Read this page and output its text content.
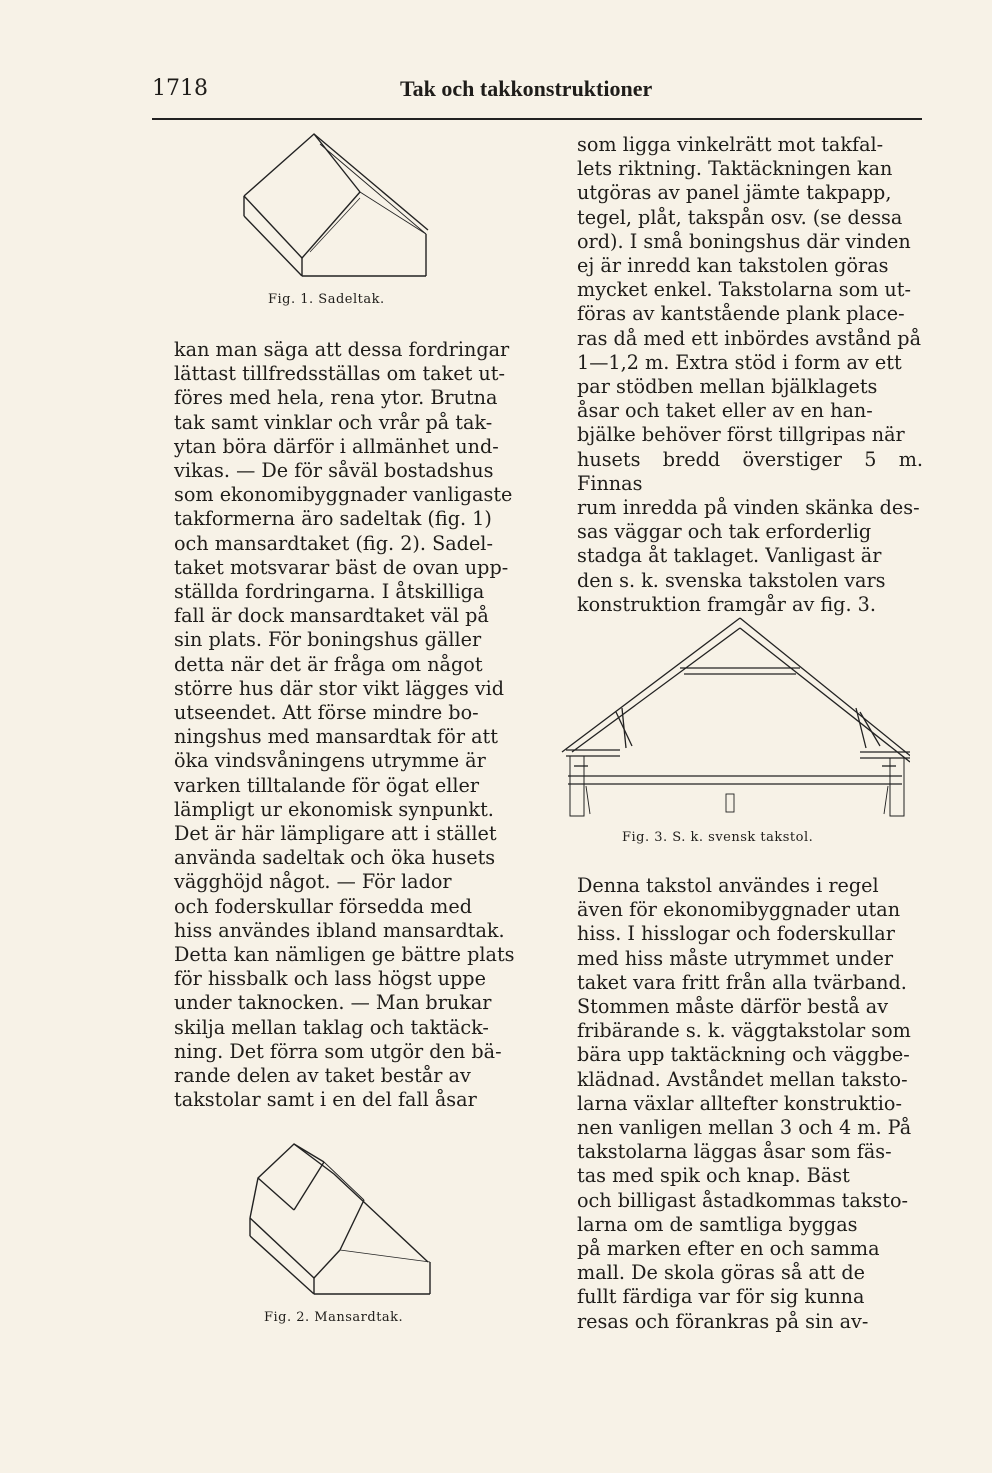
1718	Tak och takkonstruktioner
Fig. 1. Sadeltak.

kan man säga att dessa fordringar

lättast tillfredsställas om taket ut-

föres med hela, rena ytor. Brutna

tak samt vinklar och vrår på tak-

ytan böra därför i allmänhet und-

vikas. — De för såväl bostadshus

som ekonomibyggnader vanligaste

takformerna äro sadeltak (fig. 1)

och mansardtaket (fig. 2). Sadel-

taket motsvarar bäst de ovan upp-

ställda fordringarna. I åtskilliga

fall är dock mansardtaket väl på

sin plats. För boningshus gäller

detta när det är fråga om något

större hus där stor vikt lägges vid

utseendet. Att förse mindre bo-

ningshus med mansardtak för att

öka vindsvåningens utrymme är

varken tilltalande för ögat eller

lämpligt ur ekonomisk synpunkt.

Det är här lämpligare att i stället

använda sadeltak och öka husets

vägghöjd något. — För lador

och foderskullar försedda med

hiss användes ibland mansardtak.

Detta kan nämligen ge bättre plats

för hissbalk och lass högst uppe

under taknocken. — Man brukar

skilja mellan taklag och taktäck-

ning. Det förra som utgör den bä-

rande delen av taket består av

takstolar samt i en del fall åsar

Fig. 2. Mansardtak.

som ligga vinkelrätt mot takfal-

lets riktning. Taktäckningen kan

utgöras av panel jämte takpapp,

tegel, plåt, takspån osv. (se dessa

ord). I små boningshus där vinden

ej är inredd kan takstolen göras

mycket enkel. Takstolarna som ut-

föras av kantstående plank place-

ras då med ett inbördes avstånd på

1—1,2 m. Extra stöd i form av ett

par stödben mellan bjälklagets

åsar och taket eller av en han-

bjälke behöver först tillgripas när

husets bredd överstiger 5 m. Finnas

rum inredda på vinden skänka des-

sas väggar och tak erforderlig

stadga åt taklaget. Vanligast är

den s. k. svenska takstolen vars

konstruktion framgår av fig. 3.

Fig. 3. S. k. svensk takstol.

Denna takstol användes i regel

även för ekonomibyggnader utan

hiss. I hisslogar och foderskullar

med hiss måste utrymmet under

taket vara fritt från alla tvärband.

Stommen måste därför bestå av

fribärande s. k. väggtakstolar som

bära upp taktäckning och väggbe-

klädnad. Avståndet mellan taksto-

larna växlar alltefter konstruktio-

nen vanligen mellan 3 och 4 m. På

takstolarna läggas åsar som fäs-

tas med spik och knap. Bäst

och billigast åstadkommas taksto-

larna om de samtliga byggas

på marken efter en och samma

mall. De skola göras så att de

fullt färdiga var för sig kunna

resas och förankras på sin av-
